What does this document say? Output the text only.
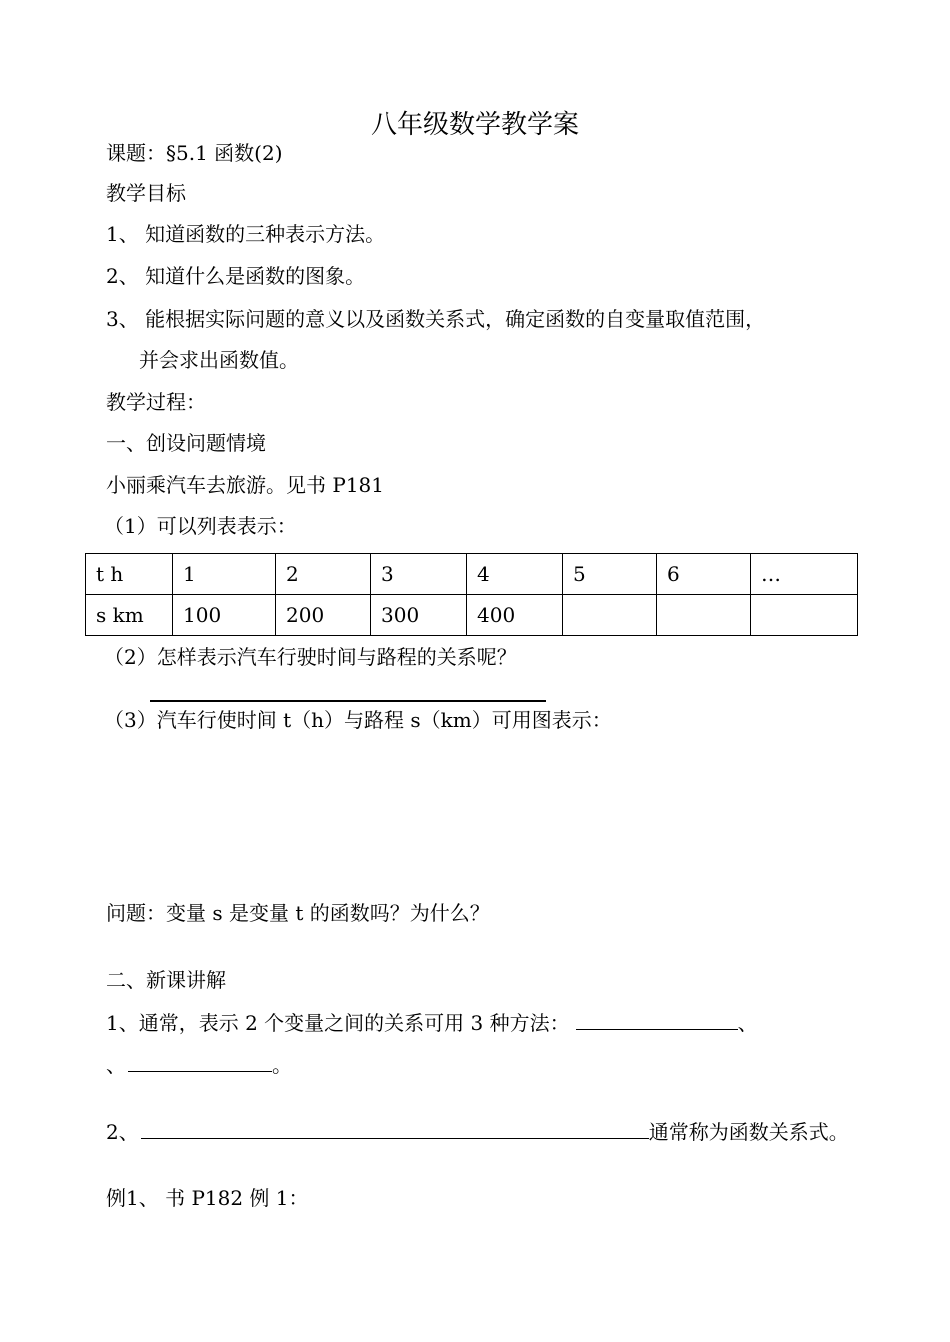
八年级数学教学案
课题：§5.1 函数(2)
教学目标
1、 知道函数的三种表示方法。
2、 知道什么是函数的图象。
3、 能根据实际问题的意义以及函数关系式，确定函数的自变量取值范围，
并会求出函数值。
教学过程：
一、创设问题情境
小丽乘汽车去旅游。见书 P181
（1）可以列表表示：
t h	1	2	3	4	5	6	…
s km	100	200	300	400			
（2）怎样表示汽车行驶时间与路程的关系呢？
（3）汽车行使时间 t（h）与路程 s（km）可用图表示：
问题：变量 s 是变量 t 的函数吗？为什么？
二、新课讲解
1、通常，表示 2 个变量之间的关系可用 3 种方法：	、
、	。
2、	通常称为函数关系式。
例1、 书 P182 例 1：
